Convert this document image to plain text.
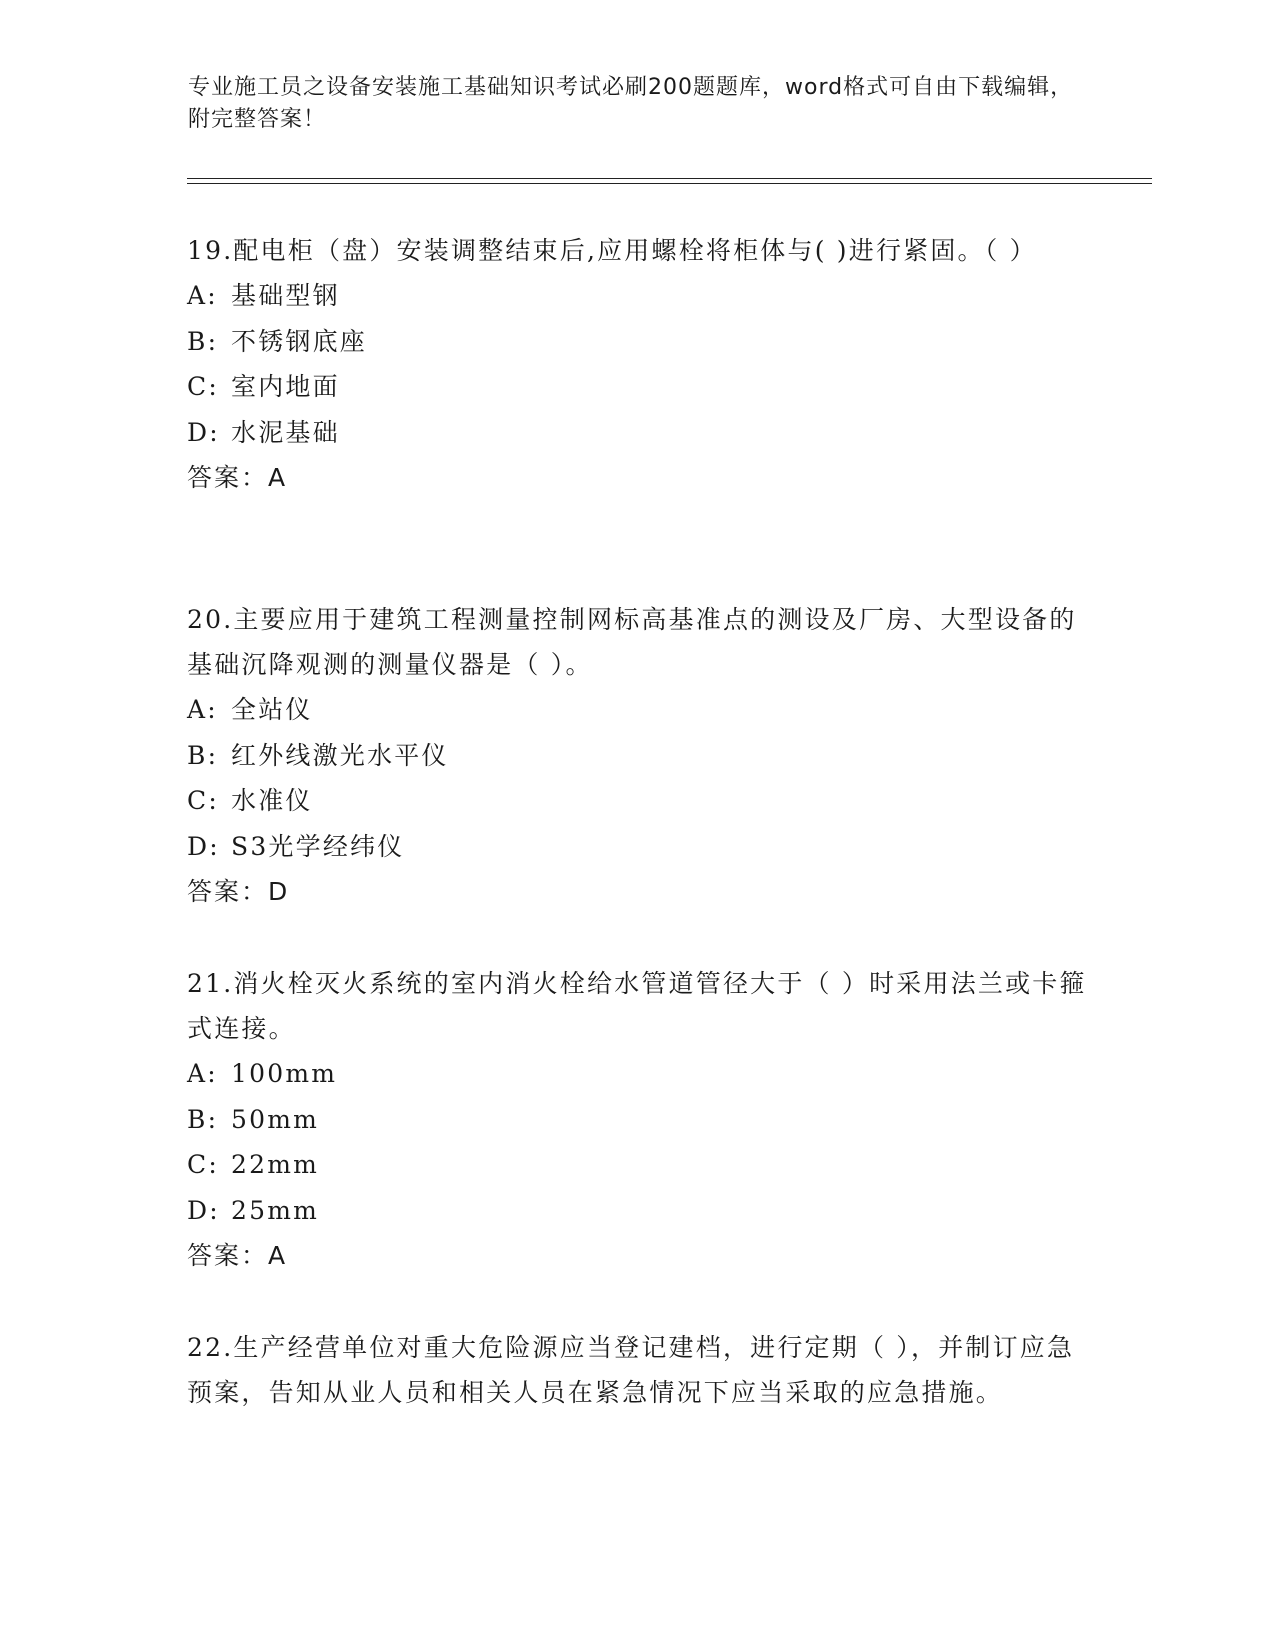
专业施工员之设备安装施工基础知识考试必刷200题题库，word格式可自由下载编辑，附完整答案！

19.配电柜（盘）安装调整结束后,应用螺栓将柜体与( )进行紧固。（ ）

A: 基础型钢

B: 不锈钢底座

C: 室内地面

D: 水泥基础

答案：A

20.主要应用于建筑工程测量控制网标高基准点的测设及厂房、大型设备的基础沉降观测的测量仪器是（ ）。

A: 全站仪

B: 红外线激光水平仪

C: 水准仪

D: S3光学经纬仪

答案：D

21.消火栓灭火系统的室内消火栓给水管道管径大于（ ）时采用法兰或卡箍式连接。

A: 100mm

B: 50mm

C: 22mm

D: 25mm

答案：A

22.生产经营单位对重大危险源应当登记建档，进行定期（ ），并制订应急预案，告知从业人员和相关人员在紧急情况下应当采取的应急措施。
